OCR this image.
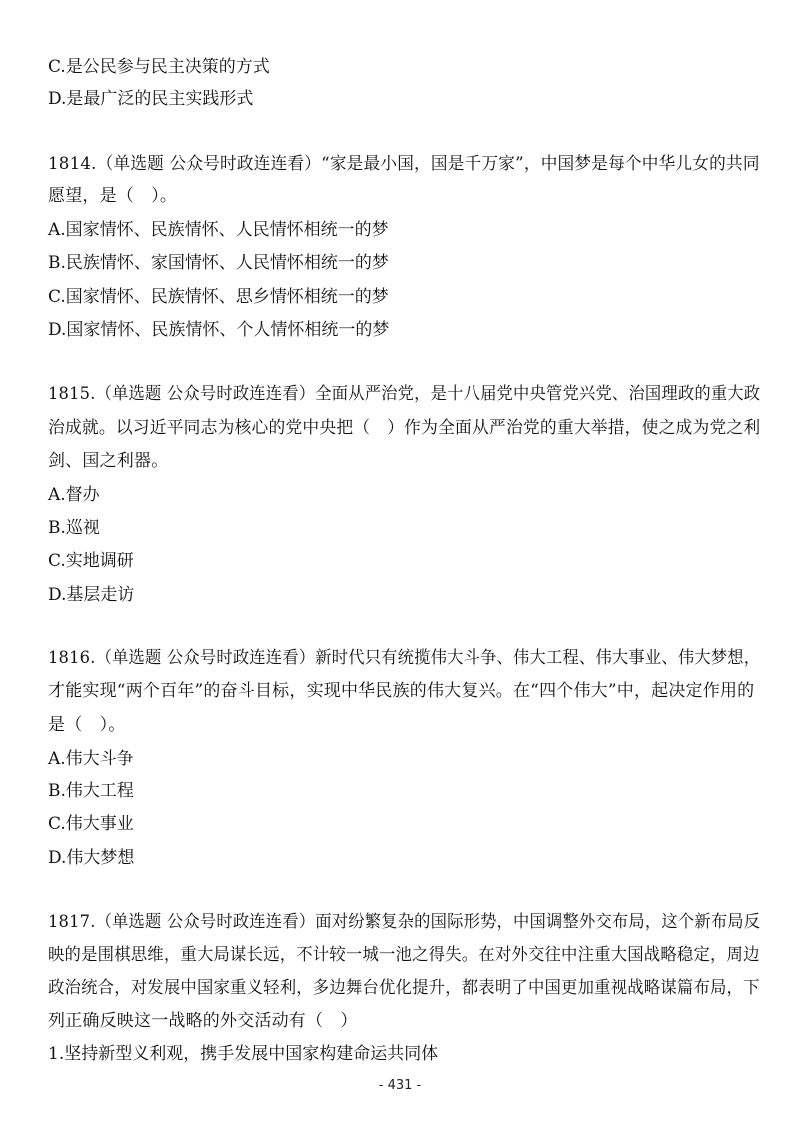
C.是公民参与民主决策的方式
D.是最广泛的民主实践形式
1814.（单选题 公众号时政连连看）“家是最小国，国是千万家”，中国梦是每个中华儿女的共同
愿望，是（　）。
A.国家情怀、民族情怀、人民情怀相统一的梦
B.民族情怀、家国情怀、人民情怀相统一的梦
C.国家情怀、民族情怀、思乡情怀相统一的梦
D.国家情怀、民族情怀、个人情怀相统一的梦
1815.（单选题 公众号时政连连看）全面从严治党，是十八届党中央管党兴党、治国理政的重大政
治成就。以习近平同志为核心的党中央把（　）作为全面从严治党的重大举措，使之成为党之利
剑、国之利器。
A.督办
B.巡视
C.实地调研
D.基层走访
1816.（单选题 公众号时政连连看）新时代只有统揽伟大斗争、伟大工程、伟大事业、伟大梦想，
才能实现“两个百年”的奋斗目标，实现中华民族的伟大复兴。在“四个伟大”中，起决定作用的
是（　）。
A.伟大斗争
B.伟大工程
C.伟大事业
D.伟大梦想
1817.（单选题 公众号时政连连看）面对纷繁复杂的国际形势，中国调整外交布局，这个新布局反
映的是围棋思维，重大局谋长远，不计较一城一池之得失。在对外交往中注重大国战略稳定，周边
政治统合，对发展中国家重义轻利，多边舞台优化提升，都表明了中国更加重视战略谋篇布局，下
列正确反映这一战略的外交活动有（　）
1.坚持新型义利观，携手发展中国家构建命运共同体
- 431 -
